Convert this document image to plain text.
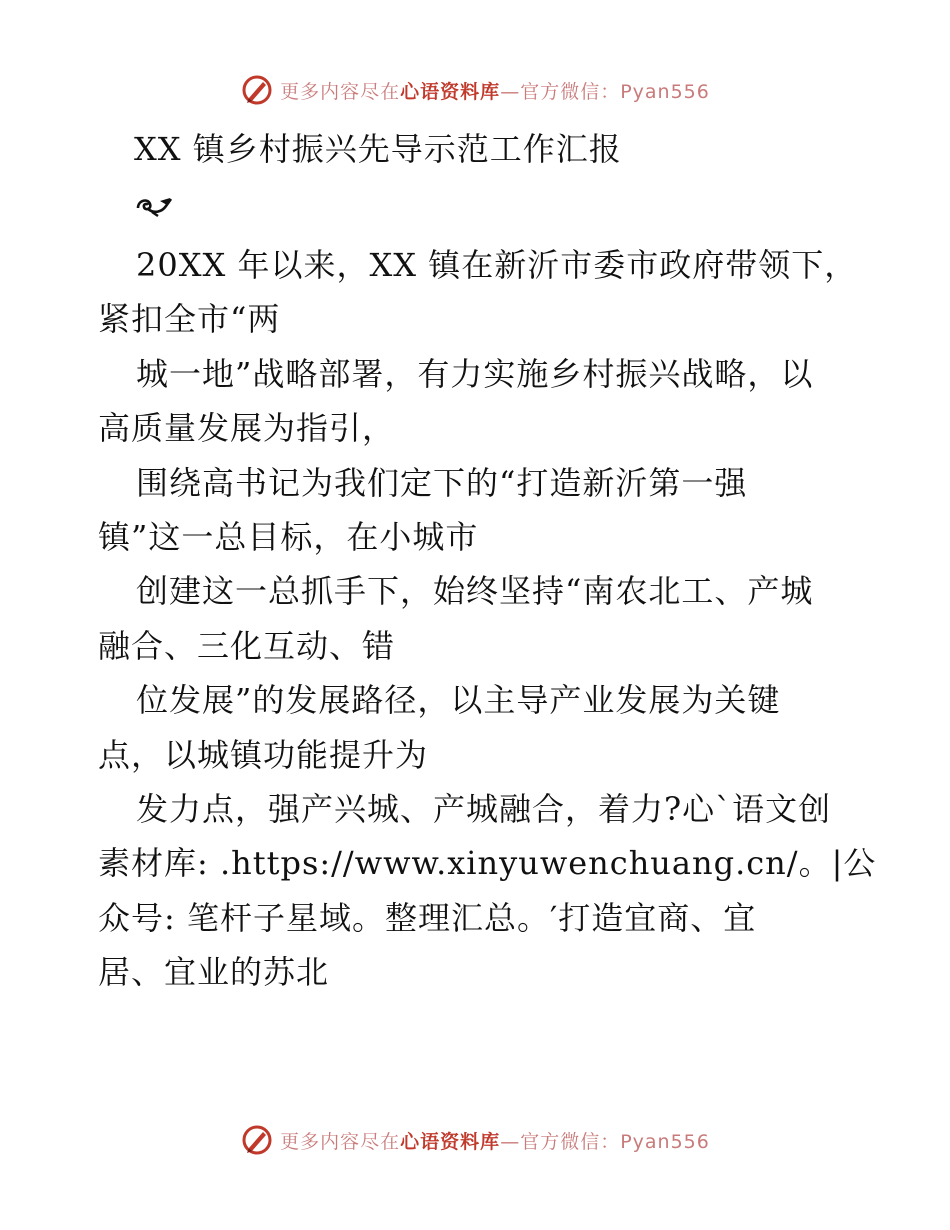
更多内容尽在心语资料库—官方微信：Pyan556
XX 镇乡村振兴先导示范工作汇报
20XX 年以来，XX 镇在新沂市委市政府带领下，
紧扣全市“两
城一地”战略部署，有力实施乡村振兴战略，以
高质量发展为指引，
围绕高书记为我们定下的“打造新沂第一强
镇”这一总目标，在小城市
创建这一总抓手下，始终坚持“南农北工、产城
融合、三化互动、错
位发展”的发展路径，以主导产业发展为关键
点，以城镇功能提升为
发力点，强产兴城、产城融合，着力?心`语文创
素材库: .https://www.xinyuwenchuang.cn/。|公
众号: 笔杆子星域。整理汇总。′打造宜商、宜
居、宜业的苏北
更多内容尽在心语资料库—官方微信：Pyan556
